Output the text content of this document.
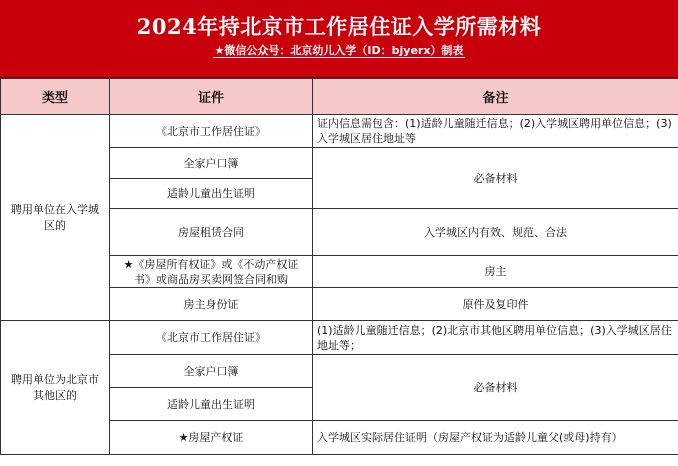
2024年持北京市工作居住证入学所需材料
★微信公众号：北京幼儿入学（ID：bjyerx）制表
类型	证件	备注
聘用单位在入学城区的	《北京市工作居住证》	证内信息需包含：(1)适龄儿童随迁信息；(2)入学城区聘用单位信息；(3)入学城区居住地址等
	全家户口簿	必备材料
	适龄儿童出生证明	
	房屋租赁合同	入学城区内有效、规范、合法
	★《房屋所有权证》或《不动产权证书》或商品房买卖网签合同和购	房主
	房主身份证	原件及复印件
聘用单位为北京市其他区的	《北京市工作居住证》	(1)适龄儿童随迁信息；(2)北京市其他区聘用单位信息；(3)入学城区居住地址等；
	全家户口簿	必备材料
	适龄儿童出生证明	
	★房屋产权证	入学城区实际居住证明（房屋产权证为适龄儿童父(或母)持有）
